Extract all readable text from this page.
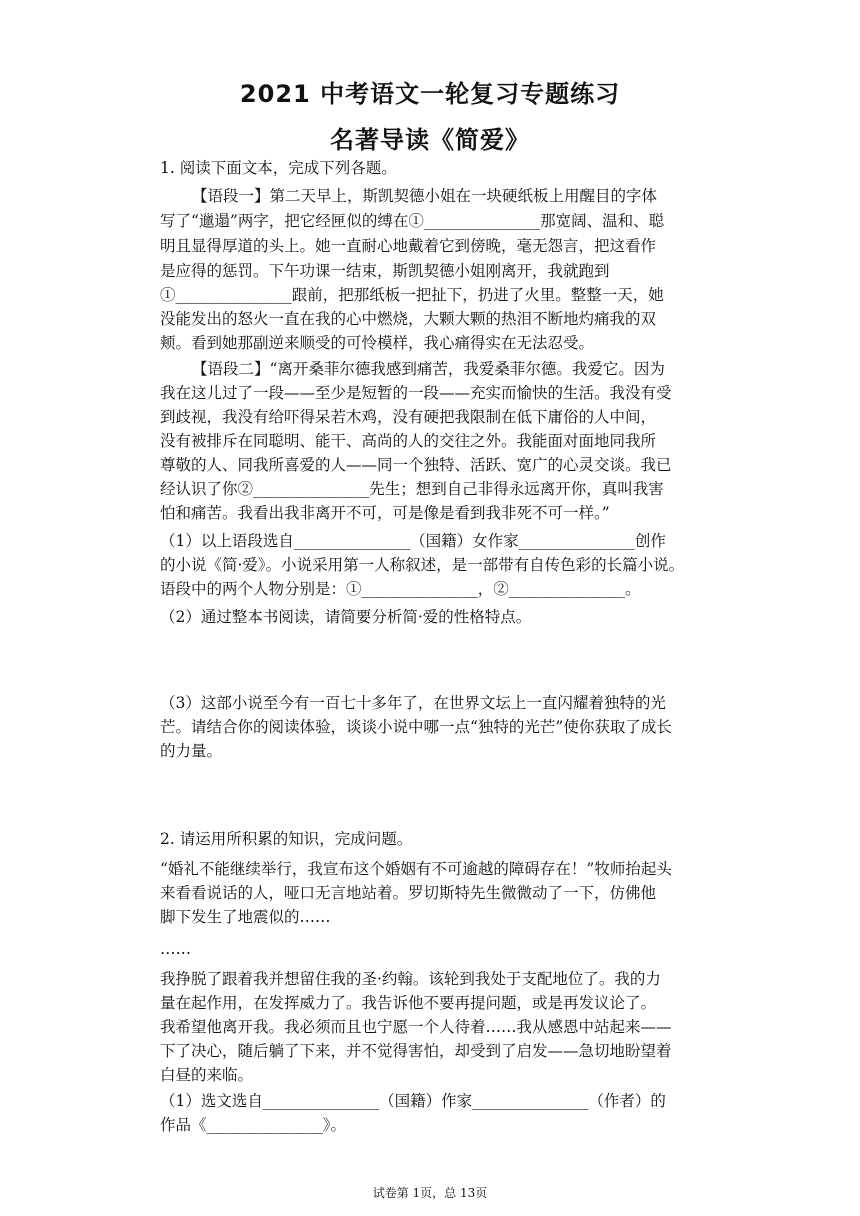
2021 中考语文一轮复习专题练习
名著导读《简爱》
1. 阅读下面文本，完成下列各题。
【语段一】第二天早上，斯凯契德小姐在一块硬纸板上用醒目的字体
写了“邋遢”两字，把它经匣似的缚在①_______________那宽阔、温和、聪
明且显得厚道的头上。她一直耐心地戴着它到傍晚，毫无怨言，把这看作
是应得的惩罚。下午功课一结束，斯凯契德小姐刚离开，我就跑到
①_______________跟前，把那纸板一把扯下，扔进了火里。整整一天，她
没能发出的怒火一直在我的心中燃烧，大颗大颗的热泪不断地灼痛我的双
颊。看到她那副逆来顺受的可怜模样，我心痛得实在无法忍受。
【语段二】“离开桑菲尔德我感到痛苦，我爱桑菲尔德。我爱它。因为
我在这儿过了一段——至少是短暂的一段——充实而愉快的生活。我没有受
到歧视，我没有给吓得呆若木鸡，没有硬把我限制在低下庸俗的人中间，
没有被排斥在同聪明、能干、高尚的人的交往之外。我能面对面地同我所
尊敬的人、同我所喜爱的人——同一个独特、活跃、宽广的心灵交谈。我已
经认识了你②_______________先生；想到自己非得永远离开你，真叫我害
怕和痛苦。我看出我非离开不可，可是像是看到我非死不可一样。”
（1）以上语段选自_______________（国籍）女作家_______________创作
的小说《简·爱》。小说采用第一人称叙述，是一部带有自传色彩的长篇小说。
语段中的两个人物分别是：①_______________，②_______________。
（2）通过整本书阅读，请简要分析简·爱的性格特点。
（3）这部小说至今有一百七十多年了，在世界文坛上一直闪耀着独特的光
芒。请结合你的阅读体验，谈谈小说中哪一点“独特的光芒”使你获取了成长
的力量。
2. 请运用所积累的知识，完成问题。
“婚礼不能继续举行，我宣布这个婚姻有不可逾越的障碍存在！”牧师抬起头
来看看说话的人，哑口无言地站着。罗切斯特先生微微动了一下，仿佛他
脚下发生了地震似的……
……
我挣脱了跟着我并想留住我的圣·约翰。该轮到我处于支配地位了。我的力
量在起作用，在发挥威力了。我告诉他不要再提问题，或是再发议论了。
我希望他离开我。我必须而且也宁愿一个人待着……我从感恩中站起来——
下了决心，随后躺了下来，并不觉得害怕，却受到了启发——急切地盼望着
白昼的来临。
（1）选文选自_______________（国籍）作家_______________（作者）的
作品《_______________》。
试卷第 1页，总 13页
